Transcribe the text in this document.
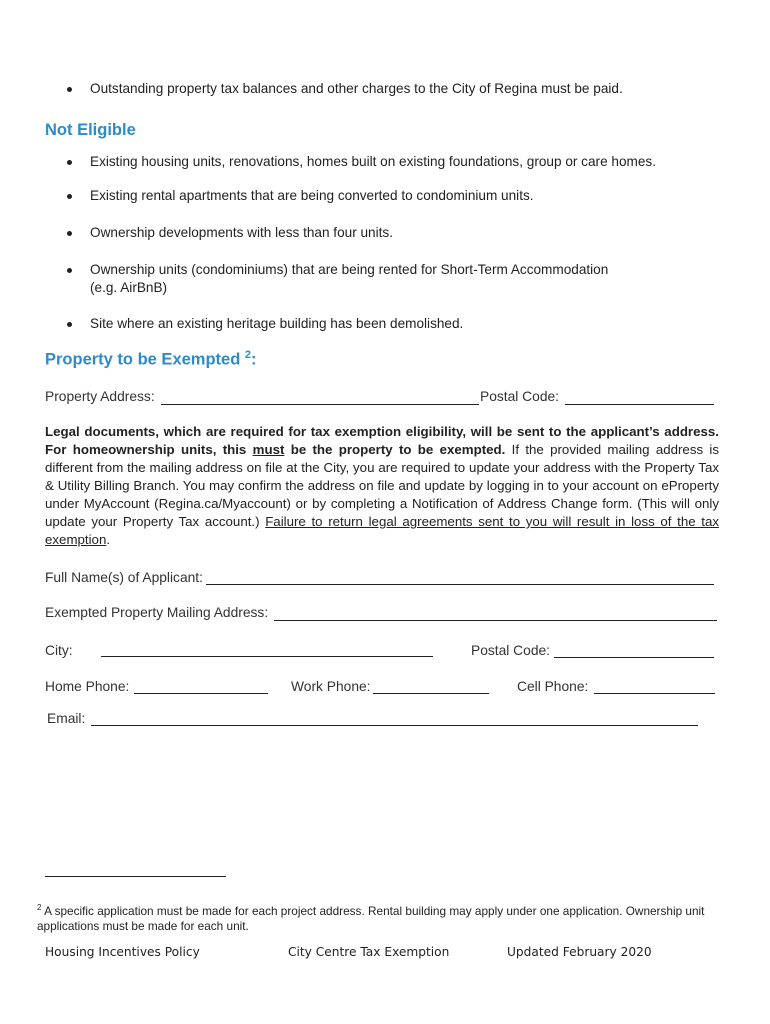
Outstanding property tax balances and other charges to the City of Regina must be paid.
Not Eligible
Existing housing units, renovations, homes built on existing foundations, group or care homes.
Existing rental apartments that are being converted to condominium units.
Ownership developments with less than four units.
Ownership units (condominiums) that are being rented for Short-Term Accommodation
(e.g. AirBnB)
Site where an existing heritage building has been demolished.
Property to be Exempted $^2$:
Property Address:	Postal Code:
Legal documents, which are required for tax exemption eligibility, will be sent to the applicant’s address. For homeownership units, this must be the property to be exempted. If the provided mailing address is different from the mailing address on file at the City, you are required to update your address with the Property Tax & Utility Billing Branch. You may confirm the address on file and update by logging in to your account on eProperty under MyAccount (Regina.ca/Myaccount) or by completing a Notification of Address Change form. (This will only update your Property Tax account.) Failure to return legal agreements sent to you will result in loss of the tax exemption.
Full Name(s) of Applicant:
Exempted Property Mailing Address:
City:	Postal Code:
Home Phone:	Work Phone:	Cell Phone:
Email:
$^2$ A specific application must be made for each project address. Rental building may apply under one application. Ownership unit applications must be made for each unit.
Housing Incentives Policy	City Centre Tax Exemption	Updated February 2020
